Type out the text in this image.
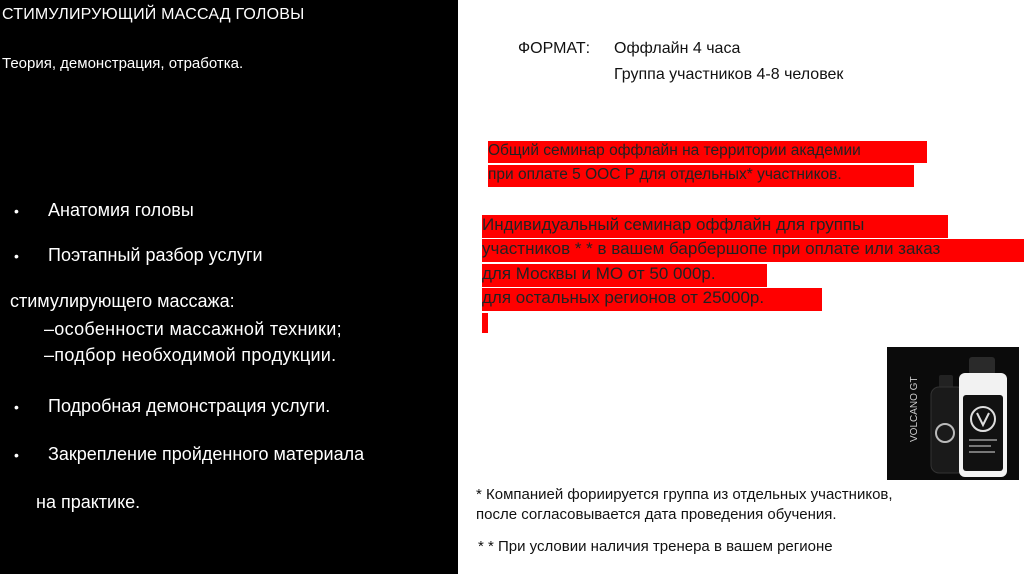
СТИМУЛИРУЮЩИЙ МАССАД ГОЛОВЫ
Теория, демонстрация, отработка.
• Анатомия головы
• Поэтапный разбор услуги
стимулирующего массажа:
–особенности массажной техники;
–подбор необходимой продукции.
• Подробная демонстрация услуги.
• Закрепление пройденного материала
на практике.
ФОРМАТ: Оффлайн 4 часа
Группа участников 4-8 человек
Общий семинар оффлайн на территории академии
при оплате 5 ООС Р для отдельных* участников.
Индивидуальный семинар оффлайн для группы
участников * * в вашем барбершопе при оплате или заказ
для Москвы и МО от 50 000р.
для остальных регионов от 25000р.
VOLCANO GT
* Компанией фориируется группа из отдельных участников,
после согласовывается дата проведения обучения.
* * При условии наличия тренера в вашем регионе
